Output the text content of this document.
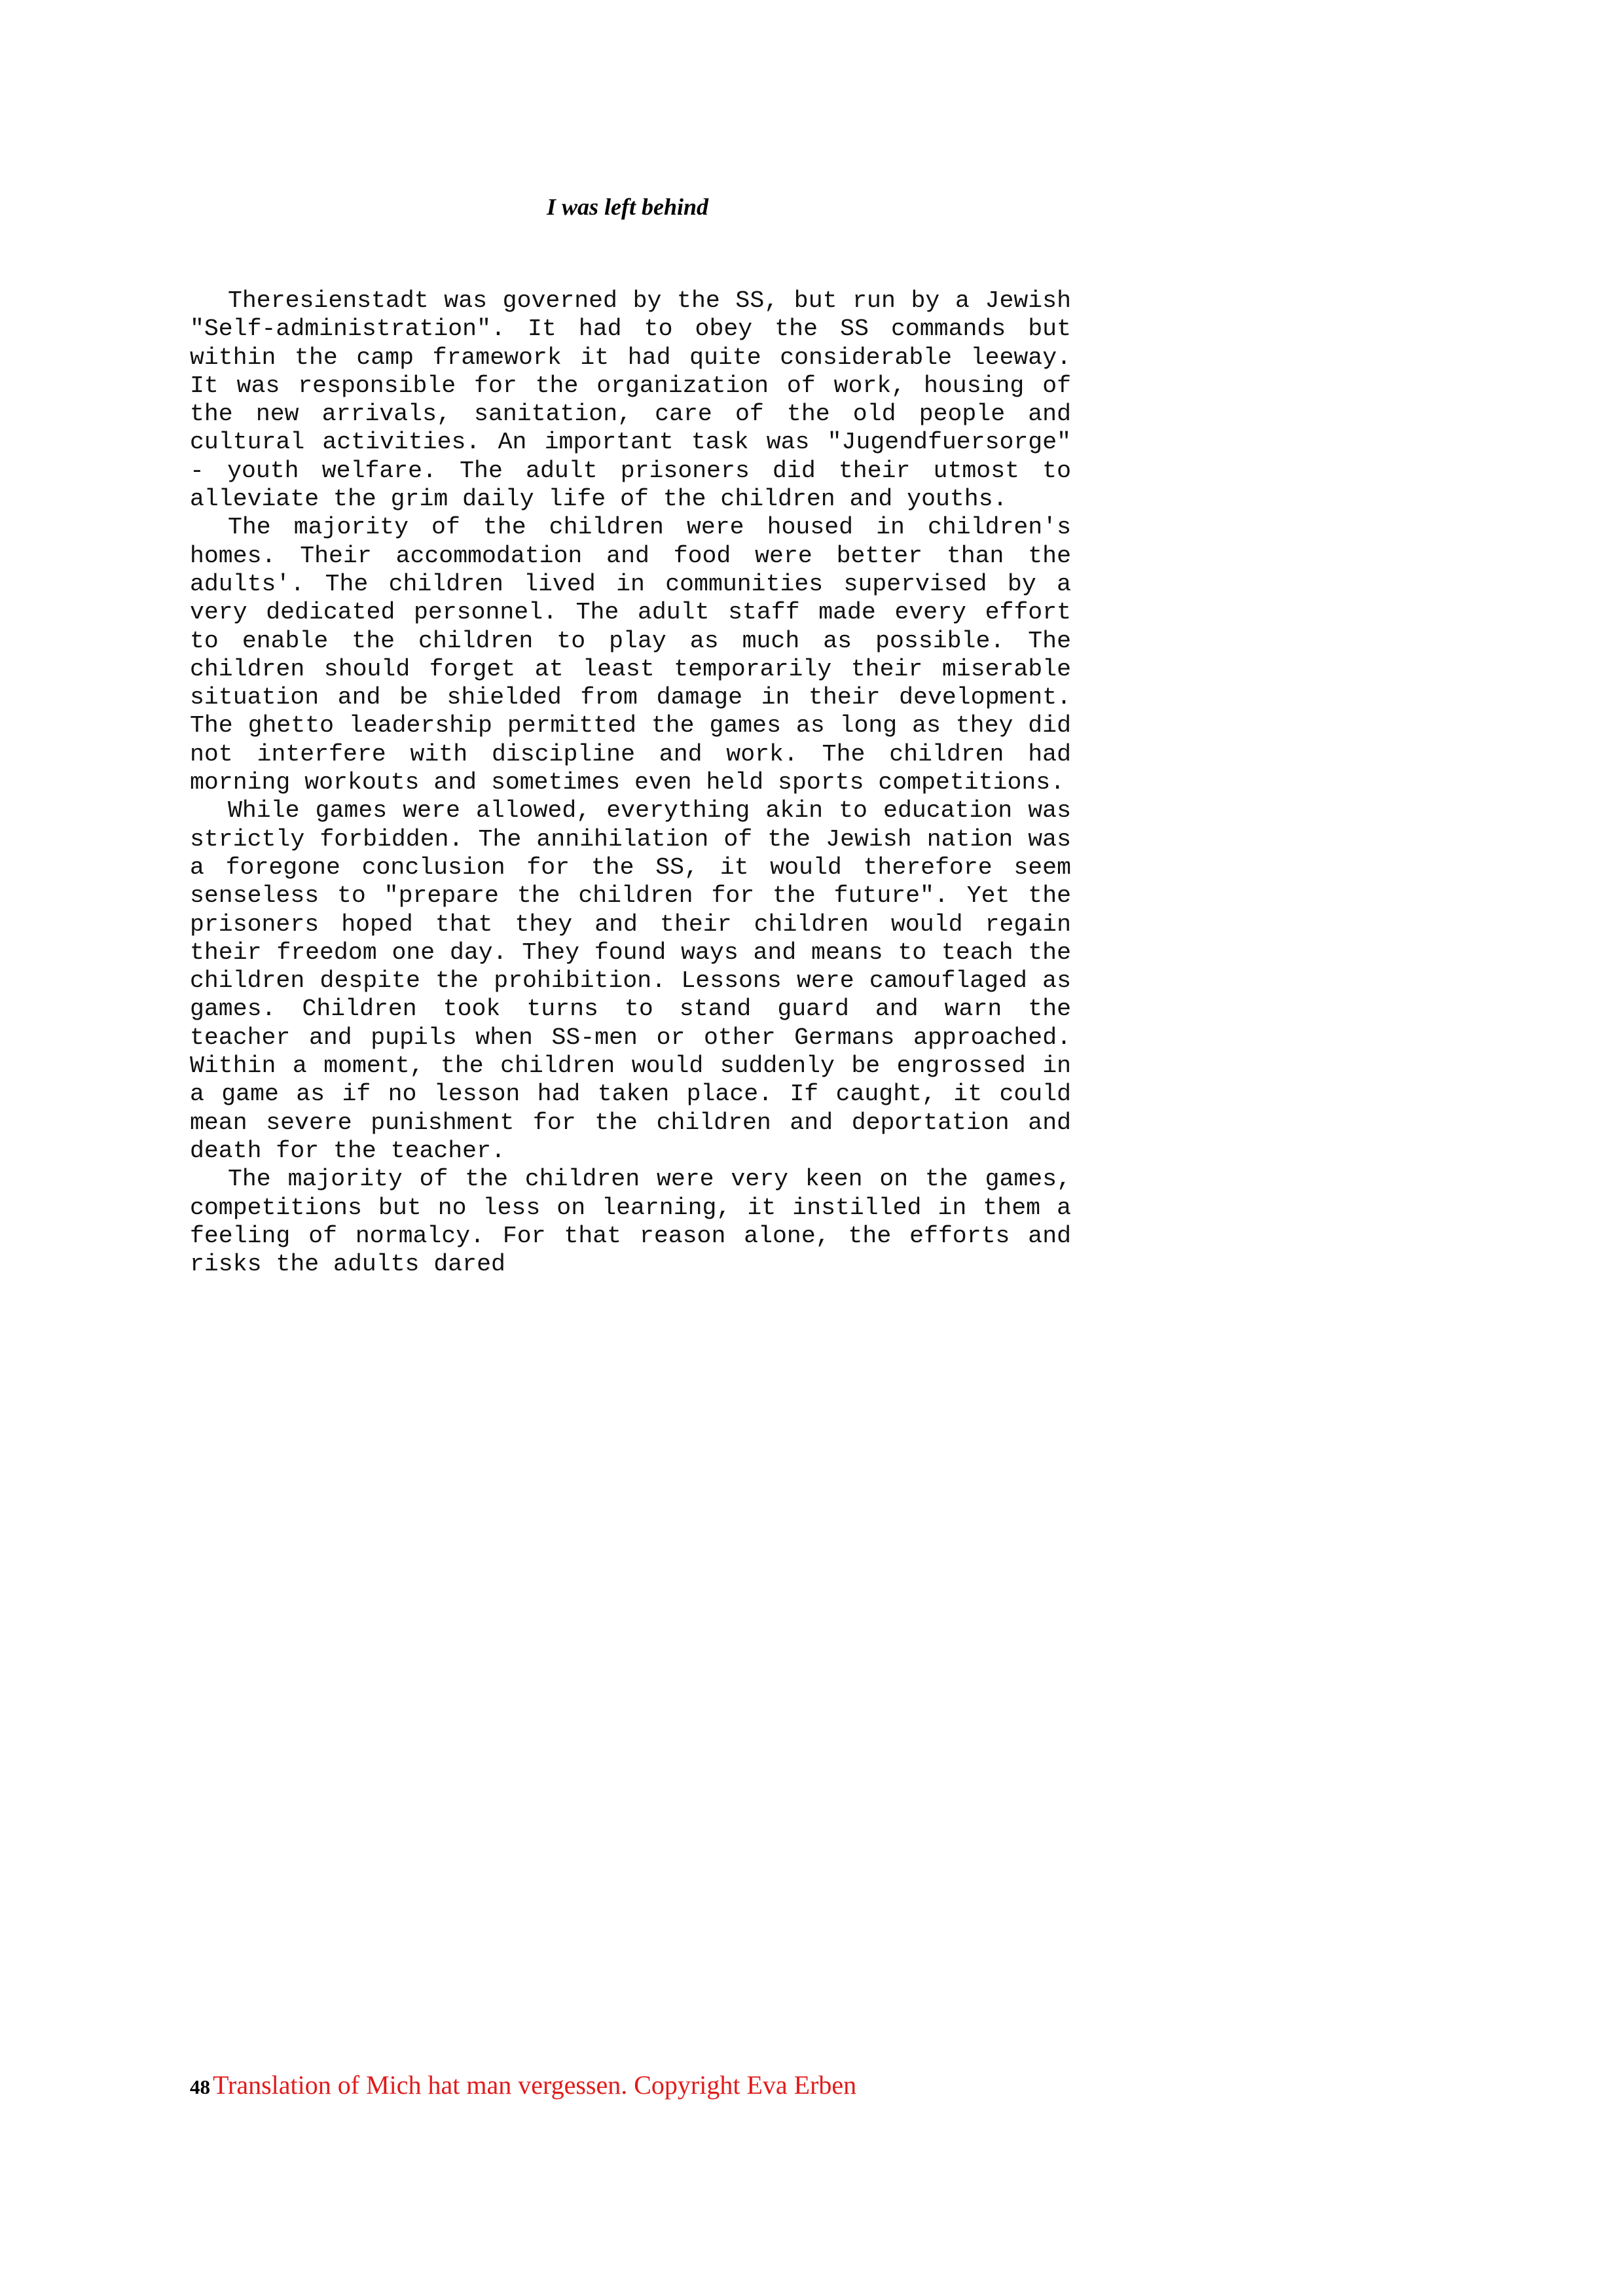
I was left behind

Theresienstadt was governed by the SS, but run by a Jewish "Self-administration". It had to obey the SS commands but within the camp framework it had quite considerable leeway. It was responsible for the organization of work, housing of the new arrivals, sanitation, care of the old people and cultural activities. An important task was "Jugendfuersorge" - youth welfare. The adult prisoners did their utmost to alleviate the grim daily life of the children and youths.

The majority of the children were housed in children's homes. Their accommodation and food were better than the adults'. The children lived in communities supervised by a very dedicated personnel. The adult staff made every effort to enable the children to play as much as possible. The children should forget at least temporarily their miserable situation and be shielded from damage in their development. The ghetto leadership permitted the games as long as they did not interfere with discipline and work. The children had morning workouts and sometimes even held sports competitions.

While games were allowed, everything akin to education was strictly forbidden. The annihilation of the Jewish nation was a foregone conclusion for the SS, it would therefore seem senseless to "prepare the children for the future". Yet the prisoners hoped that they and their children would regain their freedom one day. They found ways and means to teach the children despite the prohibition. Lessons were camouflaged as games. Children took turns to stand guard and warn the teacher and pupils when SS-men or other Germans approached. Within a moment, the children would suddenly be engrossed in a game as if no lesson had taken place. If caught, it could mean severe punishment for the children and deportation and death for the teacher.

The majority of the children were very keen on the games, competitions but no less on learning, it instilled in them a feeling of normalcy. For that reason alone, the efforts and risks the adults dared

48 Translation of Mich hat man vergessen. Copyright Eva Erben
